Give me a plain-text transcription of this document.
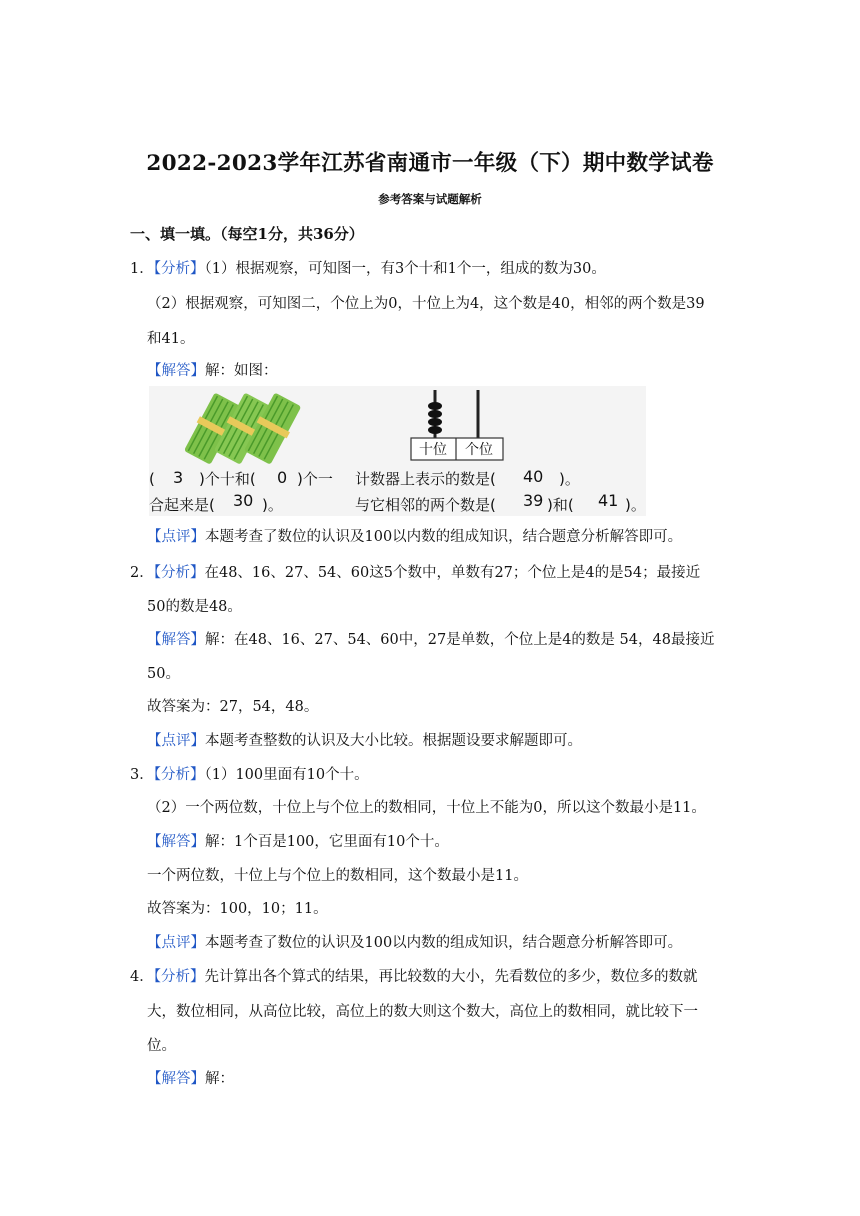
2022-2023学年江苏省南通市一年级（下）期中数学试卷
参考答案与试题解析
一、填一填。（每空1分，共36分）
1．【分析】（1）根据观察，可知图一，有3个十和1个一，组成的数为30。
（2）根据观察，可知图二，个位上为0，十位上为4，这个数是40，相邻的两个数是39
和41。
【解答】解：如图：
十位 个位
( 3 )个十和( 0 )个一
合起来是( 30 )。
计数器上表示的数是( 40 )。
与它相邻的两个数是( 39 )和( 41 )。
【点评】本题考查了数位的认识及100以内数的组成知识，结合题意分析解答即可。
2．【分析】在48、16、27、54、60这5个数中，单数有27；个位上是4的是54；最接近
50的数是48。
【解答】解：在48、16、27、54、60中，27是单数，个位上是4的数是 54，48最接近
50。
故答案为：27，54，48。
【点评】本题考查整数的认识及大小比较。根据题设要求解题即可。
3．【分析】（1）100里面有10个十。
（2）一个两位数，十位上与个位上的数相同，十位上不能为0，所以这个数最小是11。
【解答】解：1个百是100，它里面有10个十。
一个两位数，十位上与个位上的数相同，这个数最小是11。
故答案为：100，10；11。
【点评】本题考查了数位的认识及100以内数的组成知识，结合题意分析解答即可。
4．【分析】先计算出各个算式的结果，再比较数的大小，先看数位的多少，数位多的数就
大，数位相同，从高位比较，高位上的数大则这个数大，高位上的数相同，就比较下一
位。
【解答】解：
